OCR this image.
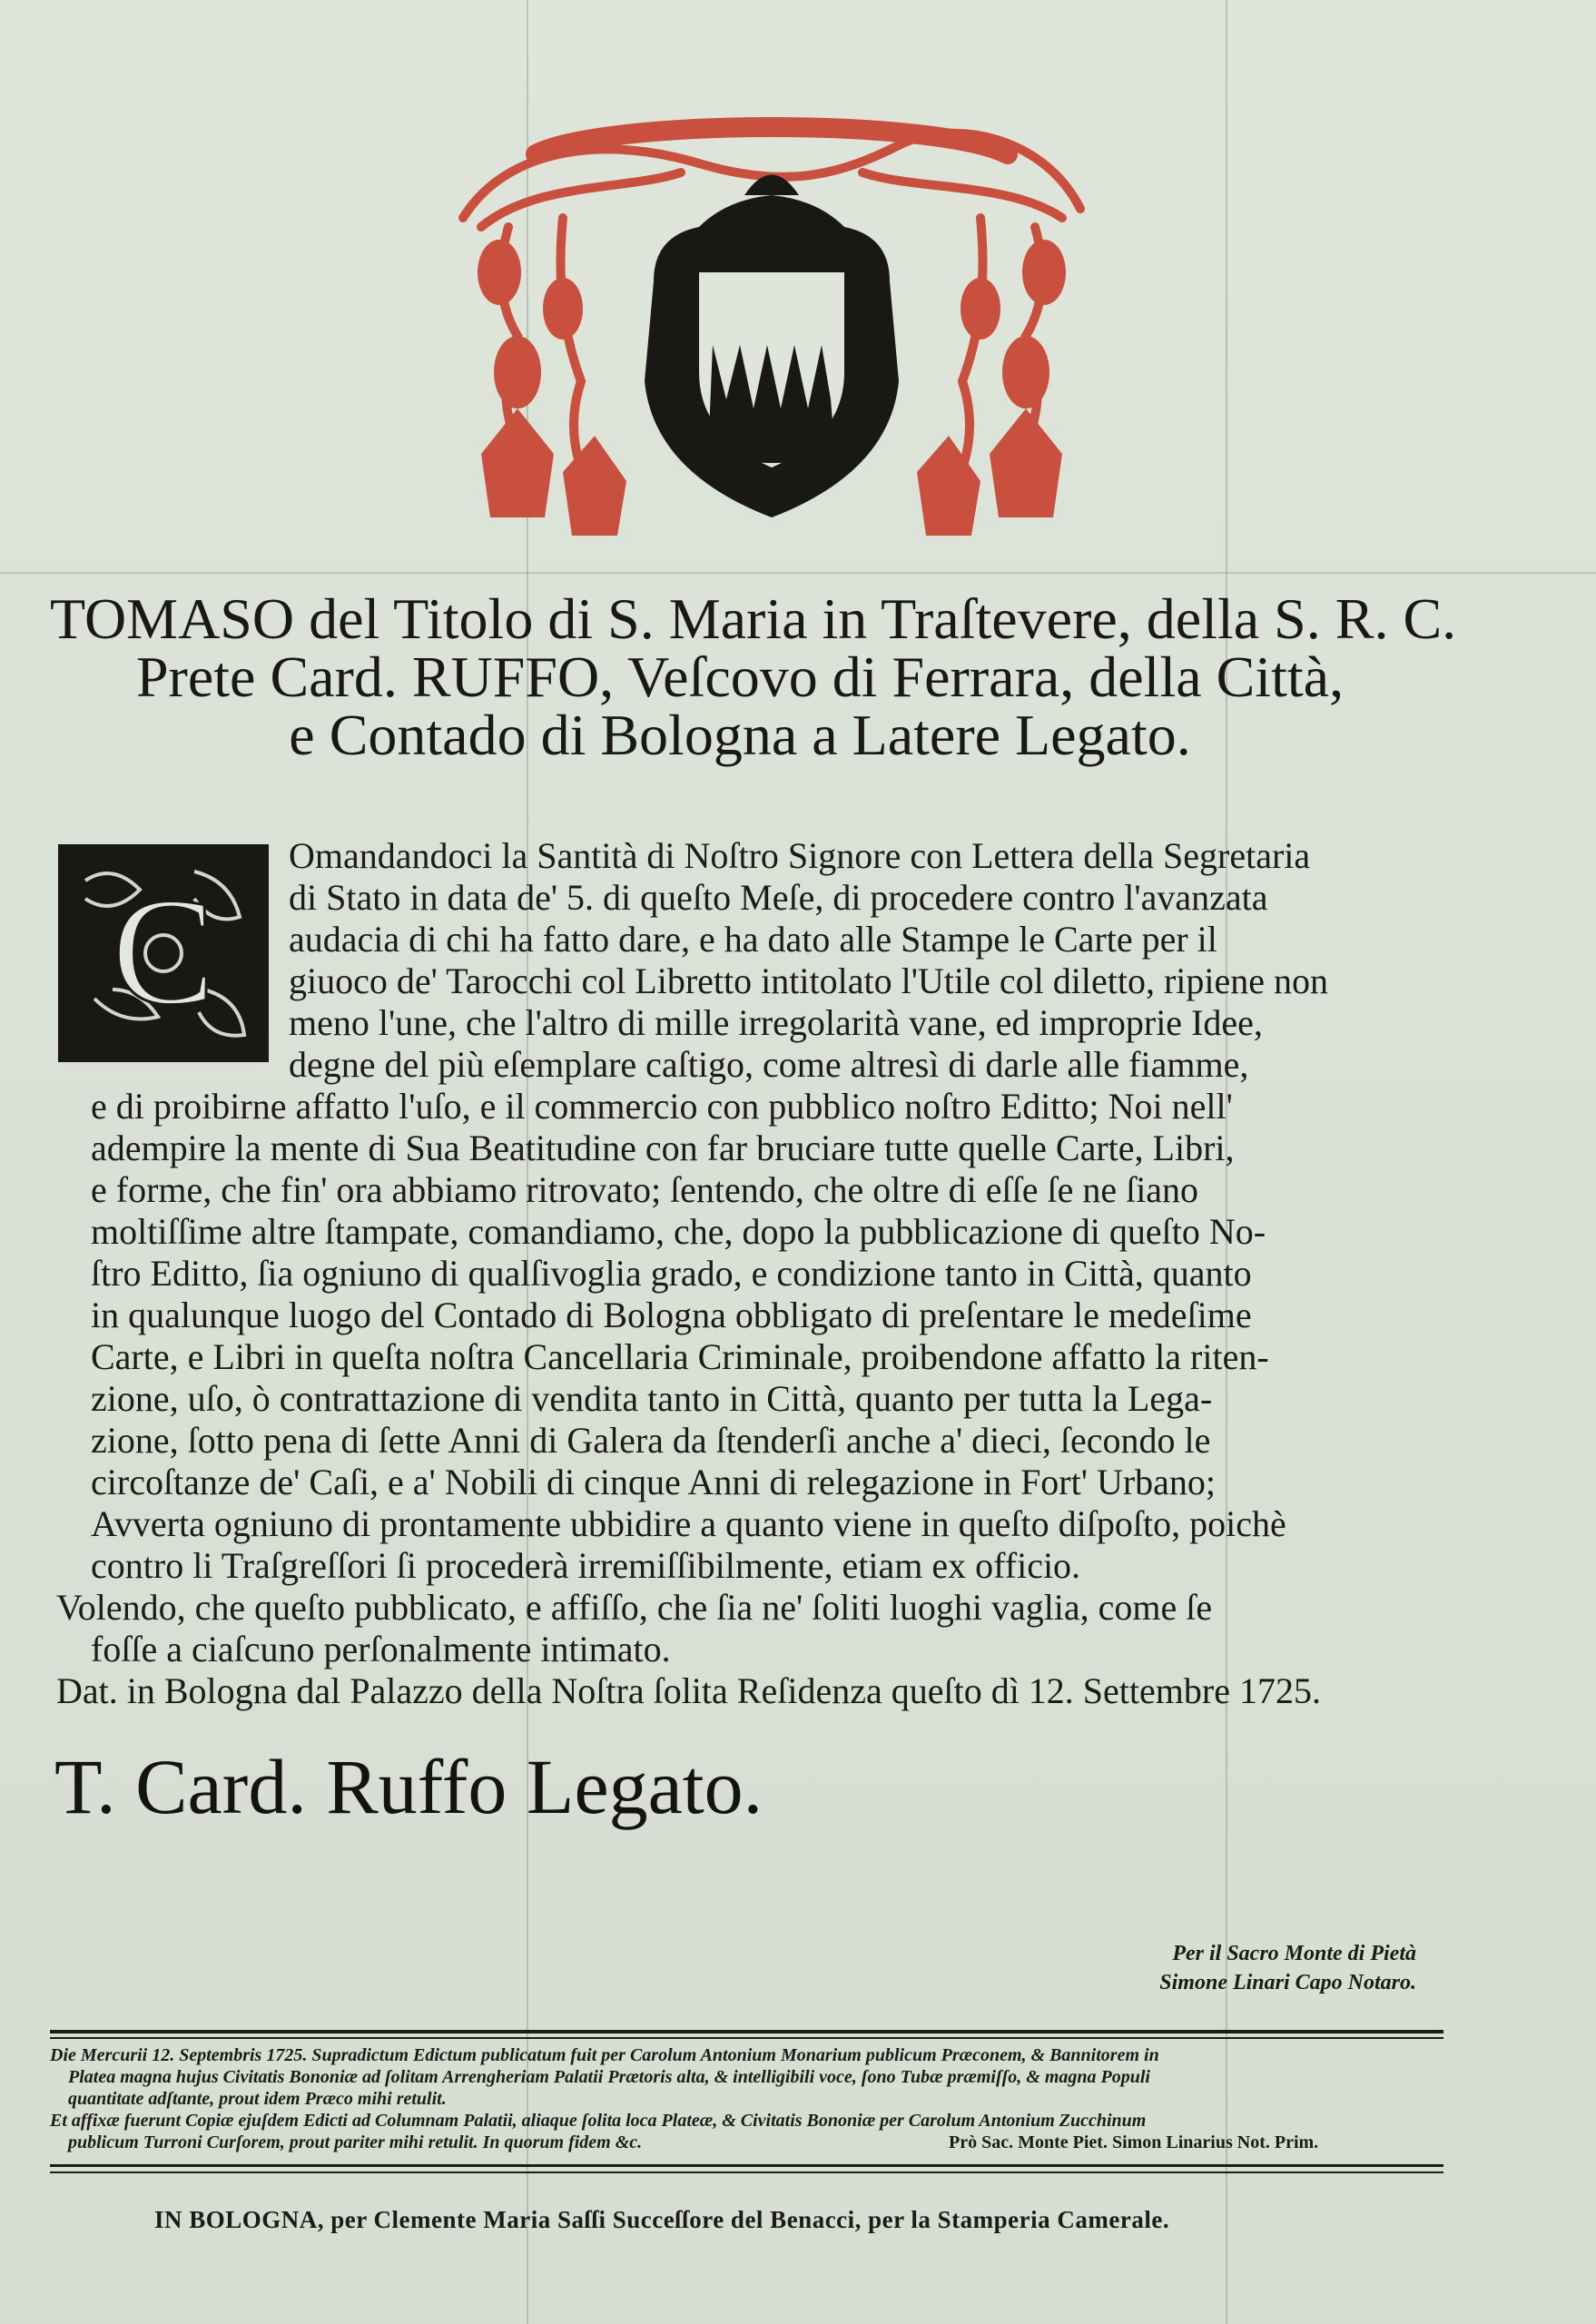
TOMASO del Titolo di S. Maria in Traſtevere, della S. R. C.
Prete Card. RUFFO, Veſcovo di Ferrara, della Città,
e Contado di Bologna a Latere Legato.
C
Omandandoci la Santità di Noſtro Signore con Lettera della Segretaria
di Stato in data de' 5. di queſto Meſe, di procedere contro l'avanzata
audacia di chi ha fatto dare, e ha dato alle Stampe le Carte per il
giuoco de' Tarocchi col Libretto intitolato l'Utile col diletto, ripiene non
meno l'une, che l'altro di mille irregolarità vane, ed improprie Idee,
degne del più eſemplare caſtigo, come altresì di darle alle fiamme,
e di proibirne affatto l'uſo, e il commercio con pubblico noſtro Editto; Noi nell'
adempire la mente di Sua Beatitudine con far bruciare tutte quelle Carte, Libri,
e forme, che fin' ora abbiamo ritrovato; ſentendo, che oltre di eſſe ſe ne ſiano
moltiſſime altre ſtampate, comandiamo, che, dopo la pubblicazione di queſto No-
ſtro Editto, ſia ogniuno di qualſivoglia grado, e condizione tanto in Città, quanto
in qualunque luogo del Contado di Bologna obbligato di preſentare le medeſime
Carte, e Libri in queſta noſtra Cancellaria Criminale, proibendone affatto la riten-
zione, uſo, ò contrattazione di vendita tanto in Città, quanto per tutta la Lega-
zione, ſotto pena di ſette Anni di Galera da ſtenderſi anche a' dieci, ſecondo le
circoſtanze de' Caſi, e a' Nobili di cinque Anni di relegazione in Fort' Urbano;
Avverta ogniuno di prontamente ubbidire a quanto viene in queſto diſpoſto, poichè
contro li Traſgreſſori ſi procederà irremiſſibilmente, etiam ex officio.
Volendo, che queſto pubblicato, e affiſſo, che ſia ne' ſoliti luoghi vaglia, come ſe
foſſe a ciaſcuno perſonalmente intimato.
Dat. in Bologna dal Palazzo della Noſtra ſolita Reſidenza queſto dì 12. Settembre 1725.
T. Card. Ruffo Legato.
Per il Sacro Monte di Pietà
Simone Linari Capo Notaro.
Die Mercurii 12. Septembris 1725. Supradictum Edictum publicatum fuit per Carolum Antonium Monarium publicum Præconem, & Bannitorem in
Platea magna hujus Civitatis Bononiæ ad ſolitam Arrengheriam Palatii Prætoris alta, & intelligibili voce, ſono Tubæ præmiſſo, & magna Populi
quantitate adſtante, prout idem Præco mihi retulit.
Et affixæ fuerunt Copiæ ejuſdem Edicti ad Columnam Palatii, aliaque ſolita loca Plateæ, & Civitatis Bononiæ per Carolum Antonium Zucchinum
publicum Turroni Curſorem, prout pariter mihi retulit. In quorum fidem &c.	Prò Sac. Monte Piet. Simon Linarius Not. Prim.
IN BOLOGNA, per Clemente Maria Saſſi Succeſſore del Benacci, per la Stamperia Camerale.
